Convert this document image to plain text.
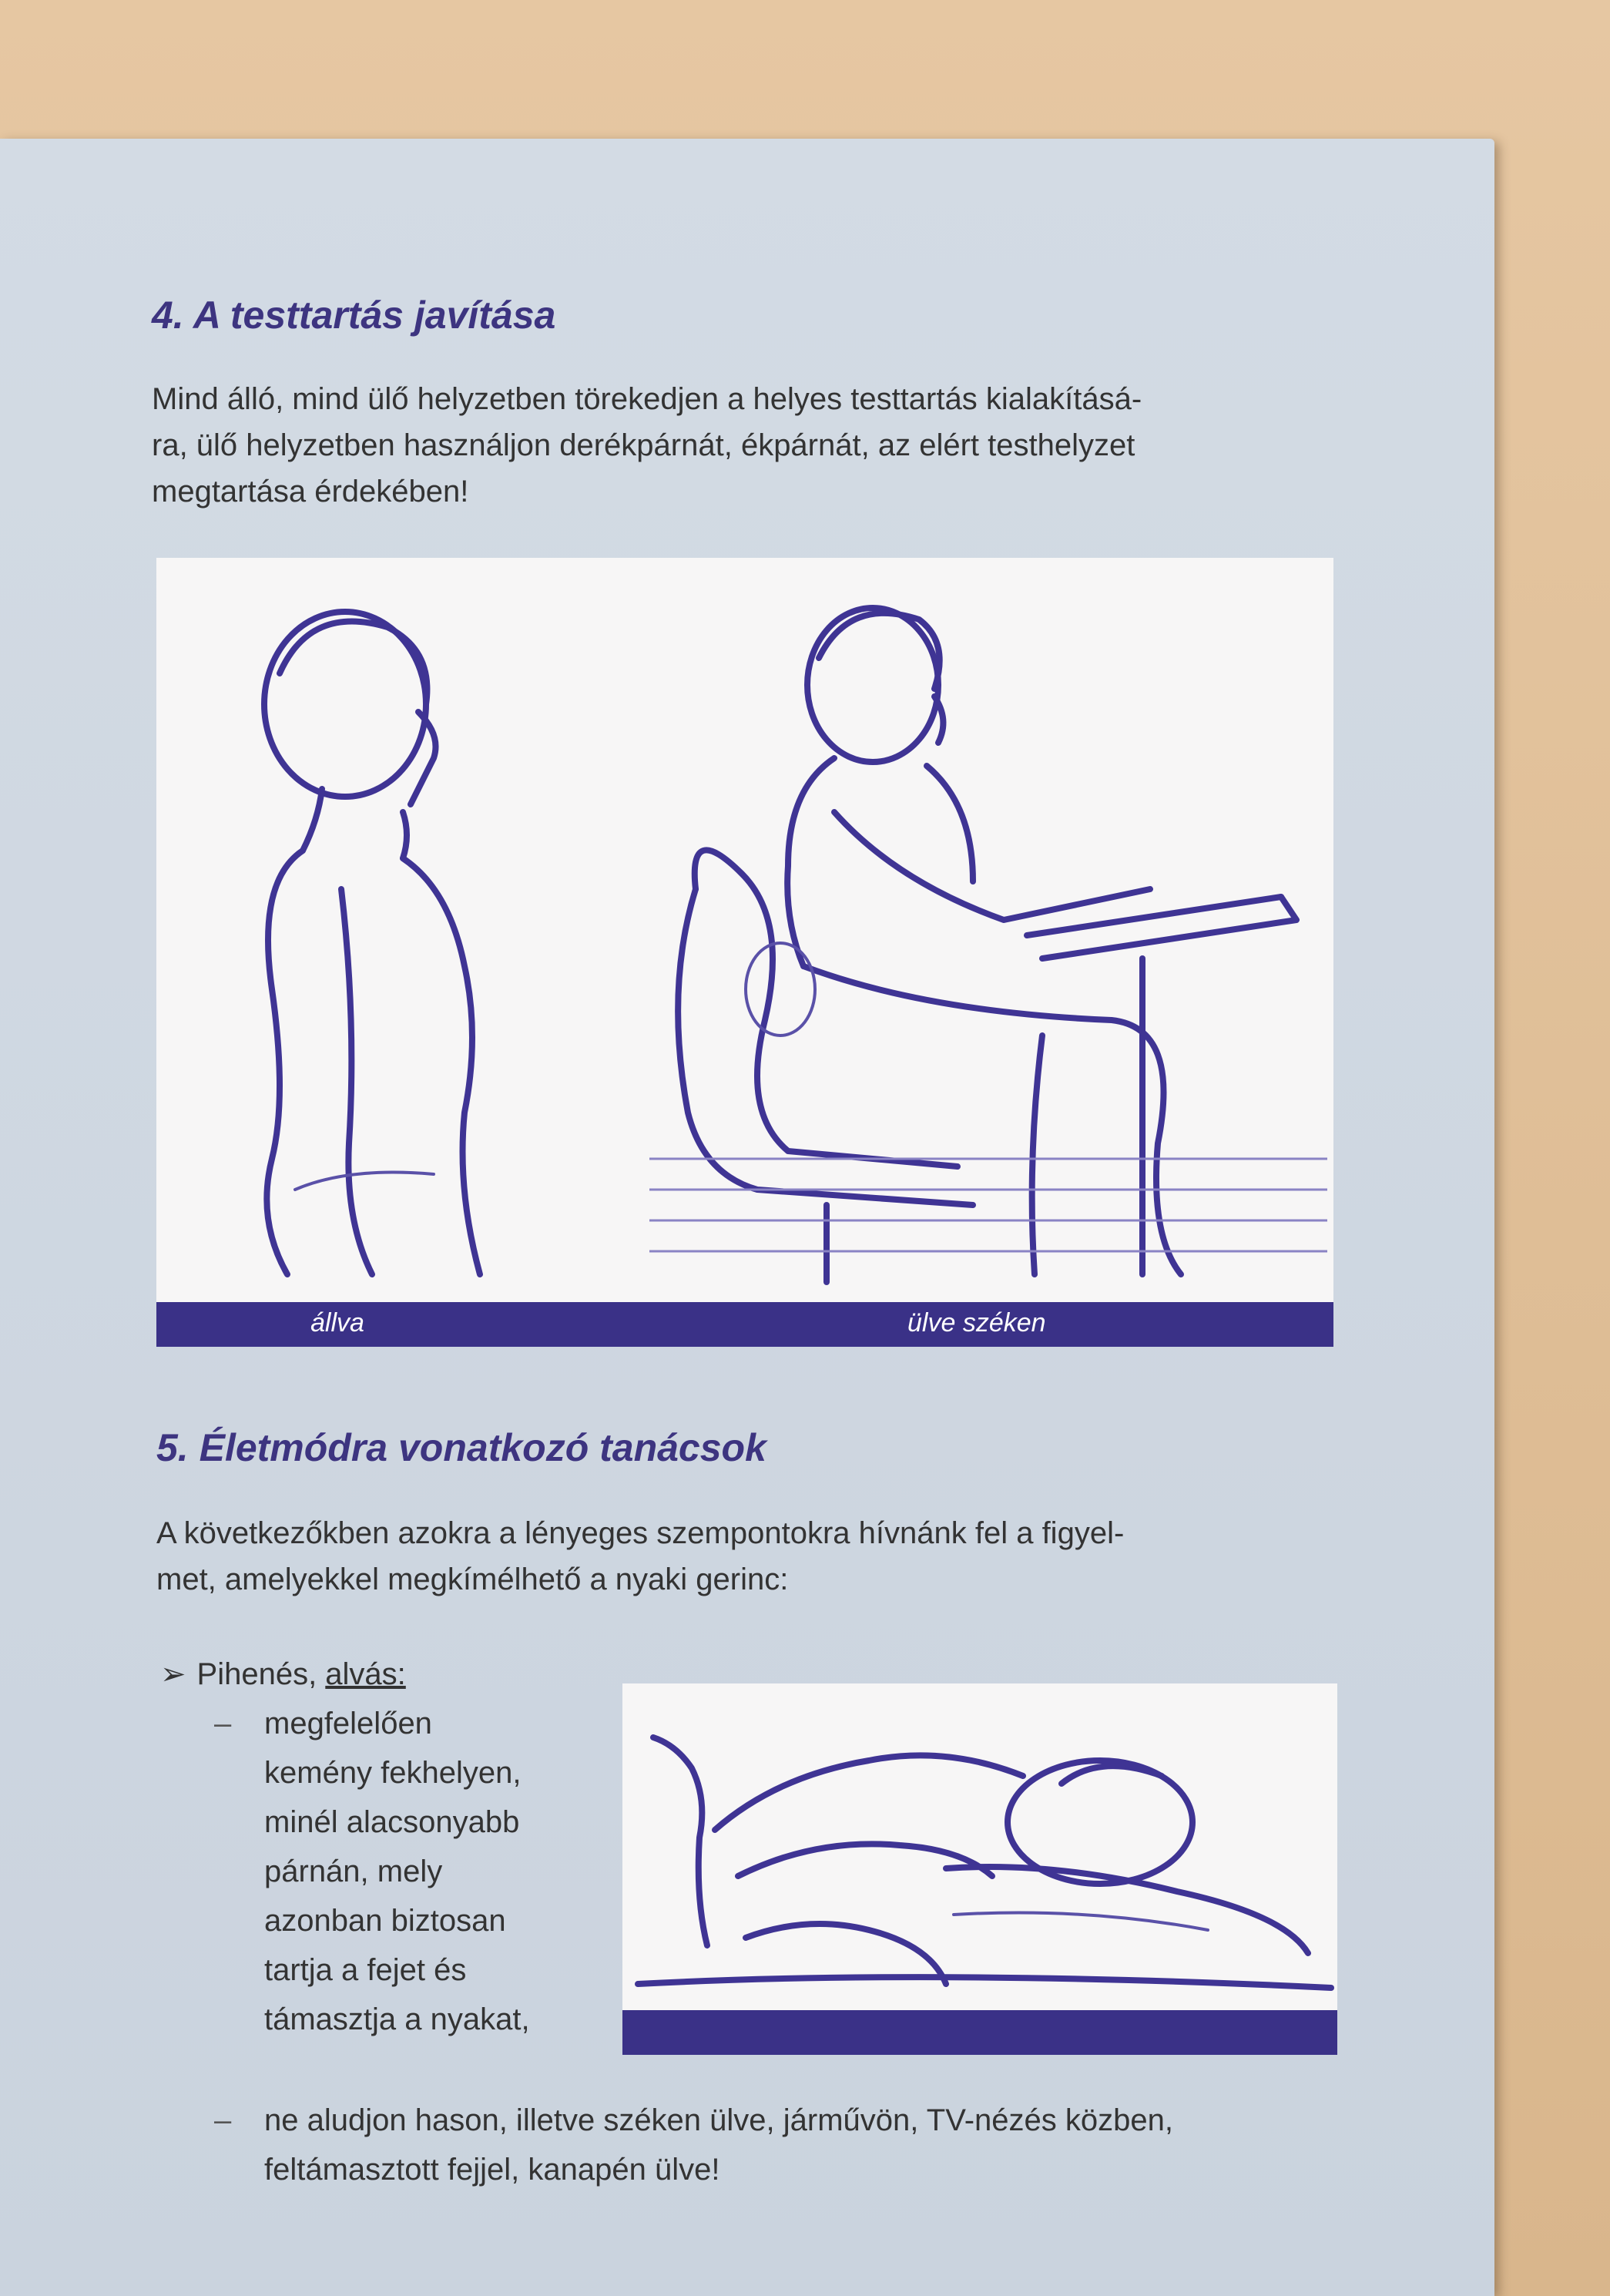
4. A testtartás javítása
Mind álló, mind ülő helyzetben törekedjen a helyes testtartás kialakításá-
ra, ülő helyzetben használjon derékpárnát, ékpárnát, az elért testhelyzet
megtartása érdekében!
állva	ülve széken
5. Életmódra vonatkozó tanácsok
A következőkben azokra a lényeges szempontokra hívnánk fel a figyel-
met, amelyekkel megkímélhető a nyaki gerinc:
➢ Pihenés, alvás:
– megfelelően
kemény fekhelyen,
minél alacsonyabb
párnán, mely
azonban biztosan
tartja a fejet és
támasztja a nyakat,
– ne aludjon hason, illetve széken ülve, járművön, TV-nézés közben,
feltámasztott fejjel, kanapén ülve!
